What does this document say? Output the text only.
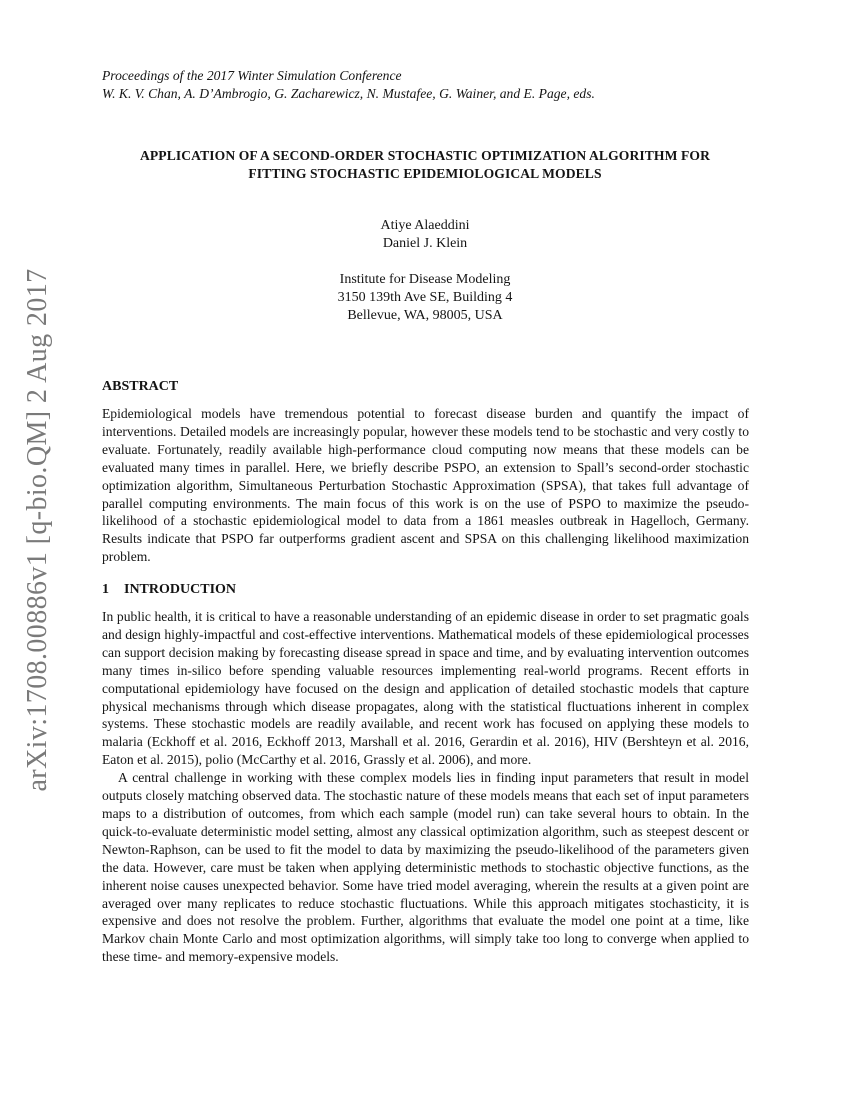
arXiv:1708.00886v1 [q-bio.QM] 2 Aug 2017
Proceedings of the 2017 Winter Simulation Conference
W. K. V. Chan, A. D’Ambrogio, G. Zacharewicz, N. Mustafee, G. Wainer, and E. Page, eds.
APPLICATION OF A SECOND-ORDER STOCHASTIC OPTIMIZATION ALGORITHM FOR
FITTING STOCHASTIC EPIDEMIOLOGICAL MODELS
Atiye Alaeddini
Daniel J. Klein
Institute for Disease Modeling
3150 139th Ave SE, Building 4
Bellevue, WA, 98005, USA
ABSTRACT

Epidemiological models have tremendous potential to forecast disease burden and quantify the impact of interventions. Detailed models are increasingly popular, however these models tend to be stochastic and very costly to evaluate. Fortunately, readily available high-performance cloud computing now means that these models can be evaluated many times in parallel. Here, we briefly describe PSPO, an extension to Spall’s second-order stochastic optimization algorithm, Simultaneous Perturbation Stochastic Approximation (SPSA), that takes full advantage of parallel computing environments. The main focus of this work is on the use of PSPO to maximize the pseudo-likelihood of a stochastic epidemiological model to data from a 1861 measles outbreak in Hagelloch, Germany. Results indicate that PSPO far outperforms gradient ascent and SPSA on this challenging likelihood maximization problem.

1 INTRODUCTION

In public health, it is critical to have a reasonable understanding of an epidemic disease in order to set pragmatic goals and design highly-impactful and cost-effective interventions. Mathematical models of these epidemiological processes can support decision making by forecasting disease spread in space and time, and by evaluating intervention outcomes many times in-silico before spending valuable resources implementing real-world programs. Recent efforts in computational epidemiology have focused on the design and application of detailed stochastic models that capture physical mechanisms through which disease propagates, along with the statistical fluctuations inherent in complex systems. These stochastic models are readily available, and recent work has focused on applying these models to malaria (Eckhoff et al. 2016, Eckhoff 2013, Marshall et al. 2016, Gerardin et al. 2016), HIV (Bershteyn et al. 2016, Eaton et al. 2015), polio (McCarthy et al. 2016, Grassly et al. 2006), and more.

A central challenge in working with these complex models lies in finding input parameters that result in model outputs closely matching observed data. The stochastic nature of these models means that each set of input parameters maps to a distribution of outcomes, from which each sample (model run) can take several hours to obtain. In the quick-to-evaluate deterministic model setting, almost any classical optimization algorithm, such as steepest descent or Newton-Raphson, can be used to fit the model to data by maximizing the pseudo-likelihood of the parameters given the data. However, care must be taken when applying deterministic methods to stochastic objective functions, as the inherent noise causes unexpected behavior. Some have tried model averaging, wherein the results at a given point are averaged over many replicates to reduce stochastic fluctuations. While this approach mitigates stochasticity, it is expensive and does not resolve the problem. Further, algorithms that evaluate the model one point at a time, like Markov chain Monte Carlo and most optimization algorithms, will simply take too long to converge when applied to these time- and memory-expensive models.
